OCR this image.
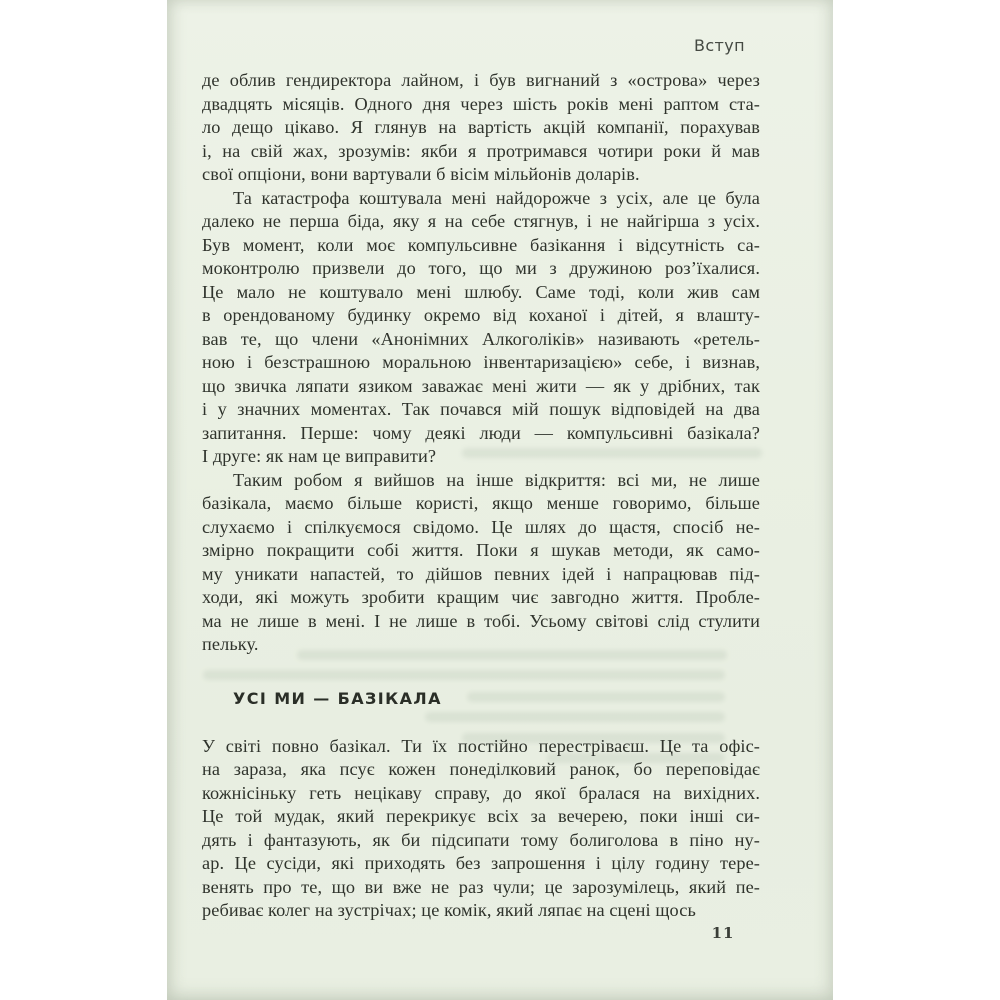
Вступ
де облив гендиректора лайном, і був вигнаний з «острова» через
двадцять місяців. Одного дня через шість років мені раптом ста-
ло дещо цікаво. Я глянув на вартість акцій компанії, порахував
і, на свій жах, зрозумів: якби я протримався чотири роки й мав
свої опціони, вони вартували б вісім мільйонів доларів.
Та катастрофа коштувала мені найдорожче з усіх, але це була
далеко не перша біда, яку я на себе стягнув, і не найгірша з усіх.
Був момент, коли моє компульсивне базікання і відсутність са-
моконтролю призвели до того, що ми з дружиною розʼїхалися.
Це мало не коштувало мені шлюбу. Саме тоді, коли жив сам
в орендованому будинку окремо від коханої і дітей, я влашту-
вав те, що члени «Анонімних Алкоголіків» називають «ретель-
ною і безстрашною моральною інвентаризацією» себе, і визнав,
що звичка ляпати язиком заважає мені жити — як у дрібних, так
і у значних моментах. Так почався мій пошук відповідей на два
запитання. Перше: чому деякі люди — компульсивні базікала?
І друге: як нам це виправити?
Таким робом я вийшов на інше відкриття: всі ми, не лише
базікала, маємо більше користі, якщо менше говоримо, більше
слухаємо і спілкуємося свідомо. Це шлях до щастя, спосіб не-
змірно покращити собі життя. Поки я шукав методи, як само-
му уникати напастей, то дійшов певних ідей і напрацював під-
ходи, які можуть зробити кращим чиє завгодно життя. Пробле-
ма не лише в мені. І не лише в тобі. Усьому світові слід стулити
пельку.
УСІ МИ — БАЗІКАЛА
У світі повно базікал. Ти їх постійно перестріваєш. Це та офіс-
на зараза, яка псує кожен понеділковий ранок, бо переповідає
кожнісіньку геть нецікаву справу, до якої бралася на вихідних.
Це той мудак, який перекрикує всіх за вечерею, поки інші си-
дять і фантазують, як би підсипати тому болиголова в піно ну-
ар. Це сусіди, які приходять без запрошення і цілу годину тере-
венять про те, що ви вже не раз чули; це зарозумілець, який пе-
ребиває колег на зустрічах; це комік, який ляпає на сцені щось
11
